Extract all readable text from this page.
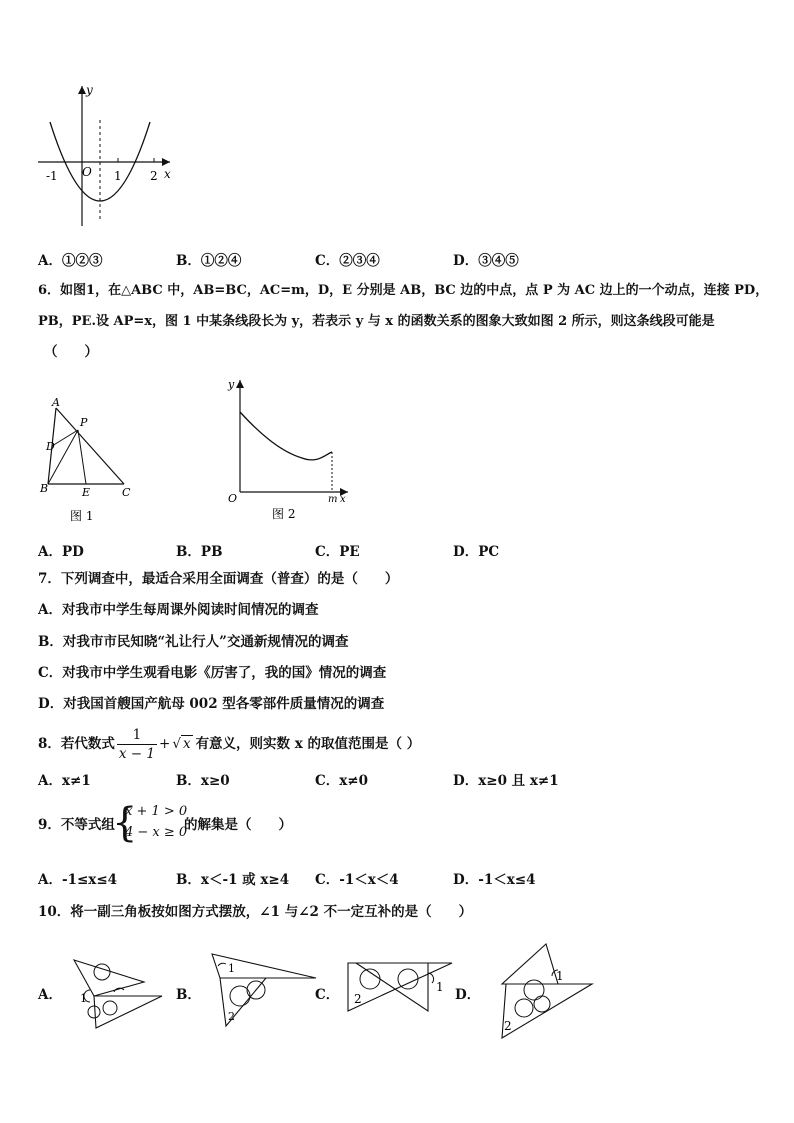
y
x
-1 O 1 2
A．①②③	B．①②④	C．②③④	D．③④⑤
6．如图1，在△ABC 中，AB=BC，AC=m，D，E 分别是 AB，BC 边的中点，点 P 为 AC 边上的一个动点，连接 PD，
PB，PE.设 AP=x，图 1 中某条线段长为 y，若表示 y 与 x 的函数关系的图象大致如图 2 所示，则这条线段可能是
（　　）
A
P
D
B	E	C
图 1
y
O	m x
图 2
A．PD	B．PB	C．PE	D．PC
7．下列调查中，最适合采用全面调查（普查）的是（　　）
A．对我市中学生每周课外阅读时间情况的调查
B．对我市市民知晓“礼让行人”交通新规情况的调查
C．对我市中学生观看电影《厉害了，我的国》情况的调查
D．对我国首艘国产航母 002 型各零部件质量情况的调查
8．若代数式 $\frac{1}{x - 1}$ + √ x 有意义，则实数 x 的取值范围是（ ）
A．x≠1	B．x≥0	C．x≠0	D．x≥0 且 x≠1
9．不等式组
{
x + 1 > 0
4 − x ≥ 0
的解集是（　　）
A．-1≤x≤4	B．x＜-1 或 x≥4 C．-1＜x＜4	D．-1＜x≤4
10．将一副三角板按如图方式摆放，∠1 与∠2 不一定互补的是（　　）
A． 1	B．
1
2
C．	1
2	D．
1
2
